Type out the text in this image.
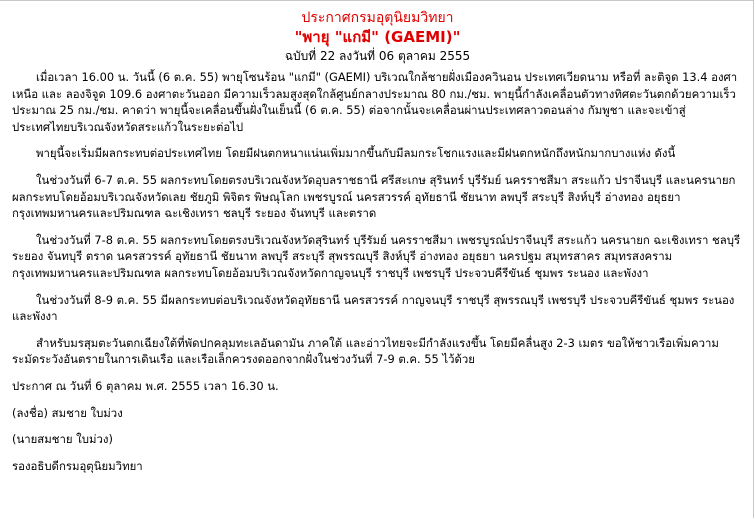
ประกาศกรมอุตุนิยมวิทยา
"พายุ "แกมี" (GAEMI)"
ฉบับที่ 22 ลงวันที่ 06 ตุลาคม 2555

เมื่อเวลา 16.00 น. วันนี้ (6 ต.ค. 55) พายุโซนร้อน "แกมี" (GAEMI) บริเวณใกล้ชายฝั่งเมืองควินอน ประเทศเวียดนาม หรือที่ ละติจูด 13.4 องศาเหนือ และ ลองจิจูด 109.6 องศาตะวันออก มีความเร็วลมสูงสุดใกล้ศูนย์กลางประมาณ 80 กม./ชม. พายุนี้กำลังเคลื่อนตัวทางทิศตะวันตกด้วยความเร็วประมาณ 25 กม./ชม. คาดว่า พายุนี้จะเคลื่อนขึ้นฝั่งในเย็นนี้ (6 ต.ค. 55) ต่อจากนั้นจะเคลื่อนผ่านประเทศลาวตอนล่าง กัมพูชา และจะเข้าสู่ประเทศไทยบริเวณจังหวัดสระแก้วในระยะต่อไป

พายุนี้จะเริ่มมีผลกระทบต่อประเทศไทย โดยมีฝนตกหนาแน่นเพิ่มมากขึ้นกับมีลมกระโชกแรงและมีฝนตกหนักถึงหนักมากบางแห่ง ดังนี้

ในช่วงวันที่ 6-7 ต.ค. 55 ผลกระทบโดยตรงบริเวณจังหวัดอุบลราชธานี ศรีสะเกษ สุรินทร์ บุรีรัมย์ นครราชสีมา สระแก้ว ปราจีนบุรี และนครนายก ผลกระทบโดยอ้อมบริเวณจังหวัดเลย ชัยภูมิ พิจิตร พิษณุโลก เพชรบูรณ์ นครสวรรค์ อุทัยธานี ชัยนาท ลพบุรี สระบุรี สิงห์บุรี อ่างทอง อยุธยา กรุงเทพมหานครและปริมณฑล ฉะเชิงเทรา ชลบุรี ระยอง จันทบุรี และตราด

ในช่วงวันที่ 7-8 ต.ค. 55 ผลกระทบโดยตรงบริเวณจังหวัดสุรินทร์ บุรีรัมย์ นครราชสีมา เพชรบูรณ์ปราจีนบุรี สระแก้ว นครนายก ฉะเชิงเทรา ชลบุรี ระยอง จันทบุรี ตราด นครสวรรค์ อุทัยธานี ชัยนาท ลพบุรี สระบุรี สุพรรณบุรี สิงห์บุรี อ่างทอง อยุธยา นครปฐม สมุทรสาคร สมุทรสงคราม กรุงเทพมหานครและปริมณฑล ผลกระทบโดยอ้อมบริเวณจังหวัดกาญจนบุรี ราชบุรี เพชรบุรี ประจวบคีรีขันธ์ ชุมพร ระนอง และพังงา

ในช่วงวันที่ 8-9 ต.ค. 55 มีผลกระทบต่อบริเวณจังหวัดอุทัยธานี นครสวรรค์ กาญจนบุรี ราชบุรี สุพรรณบุรี เพชรบุรี ประจวบคีรีขันธ์ ชุมพร ระนอง และพังงา

สำหรับมรสุมตะวันตกเฉียงใต้ที่พัดปกคลุมทะเลอันดามัน ภาคใต้ และอ่าวไทยจะมีกำลังแรงขึ้น โดยมีคลื่นสูง 2-3 เมตร ขอให้ชาวเรือเพิ่มความระมัดระวังอันตรายในการเดินเรือ และเรือเล็กควรงดออกจากฝั่งในช่วงวันที่ 7-9 ต.ค. 55 ไว้ด้วย

ประกาศ ณ วันที่ 6 ตุลาคม พ.ศ. 2555 เวลา 16.30 น.

(ลงชื่อ) สมชาย ใบม่วง

(นายสมชาย ใบม่วง)

รองอธิบดีกรมอุตุนิยมวิทยา
